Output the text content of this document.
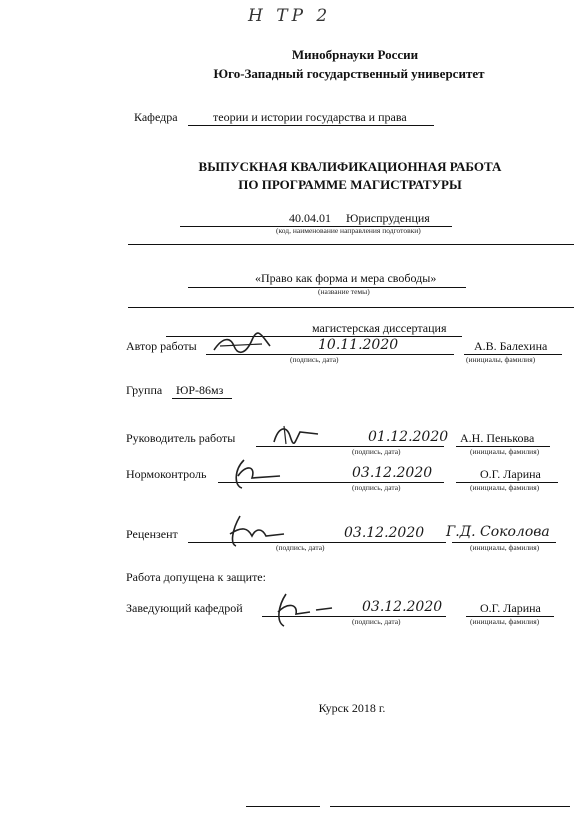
Н ТР 2
Минобрнауки России
Юго-Западный государственный университет
Кафедра	теории и истории государства и права
ВЫПУСКНАЯ КВАЛИФИКАЦИОННАЯ РАБОТА
ПО ПРОГРАММЕ МАГИСТРАТУРЫ
40.04.01 Юриспруденция
(код, наименование направления подготовки)
«Право как форма и мера свободы»
(название темы)
магистерская диссертация
Автор работы	10.11.2020	А.В. Балехина
(подпись, дата)	(инициалы, фамилия)
Группа ЮР-86мз
Руководитель работы	01.12.2020 А.Н. Пенькова
(подпись, дата)	(инициалы, фамилия)
Нормоконтроль	03.12.2020	О.Г. Ларина
(подпись, дата)	(инициалы, фамилия)
Рецензент	03.12.2020 Г.Д. Соколова
(подпись, дата)	(инициалы, фамилия)
Работа допущена к защите:
Заведующий кафедрой	03.12.2020	О.Г. Ларина
(подпись, дата)	(инициалы, фамилия)
Курск 2018 г.
